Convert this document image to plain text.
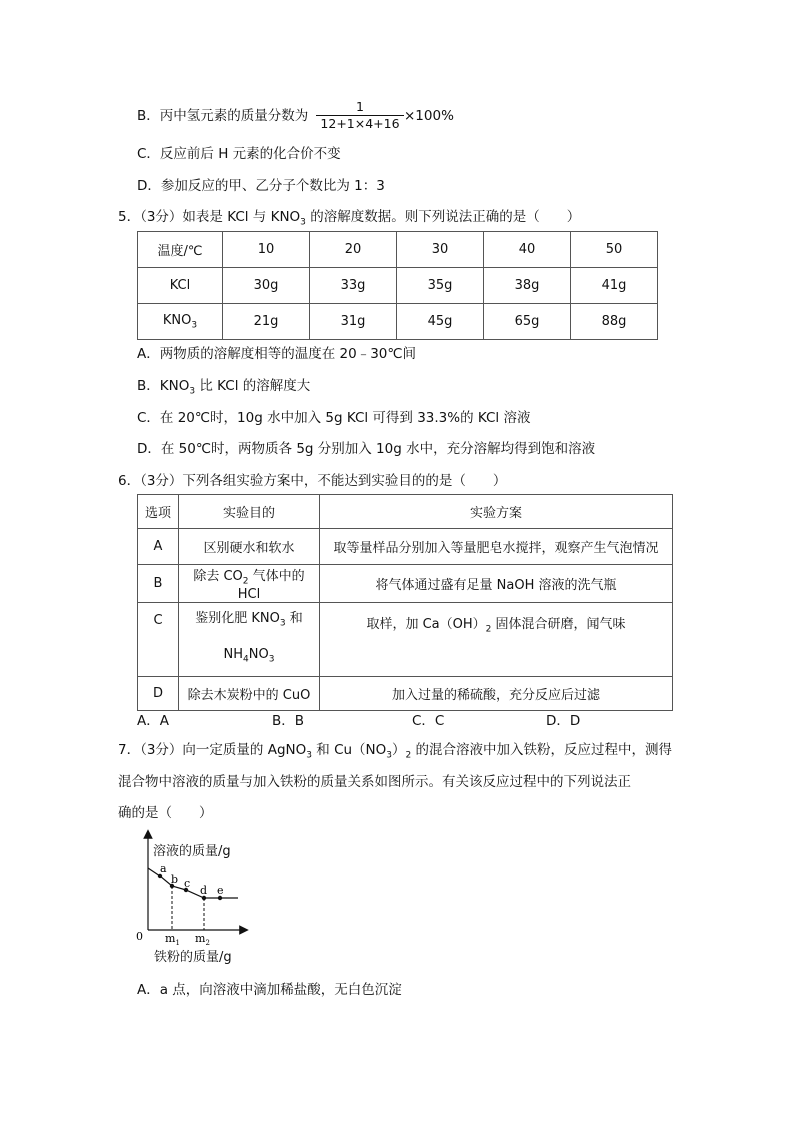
B．丙中氢元素的质量分数为
1
12+1×4+16 ×100%
C．反应前后 H 元素的化合价不变
D．参加反应的甲、乙分子个数比为 1：3
5．（3分）如表是 KCl 与 $KNO_3$ 的溶解度数据。则下列说法正确的是（　　）
温度/℃	10	20	30	40	50
KCl	30g	33g	35g	38g	41g
$KNO_3$	21g	31g	45g	65g	88g
A．两物质的溶解度相等的温度在 20﹣30℃间
B．$KNO_3$ 比 KCl 的溶解度大
C．在 20℃时，10g 水中加入 5g KCl 可得到 33.3%的 KCl 溶液
D．在 50℃时，两物质各 5g 分别加入 10g 水中，充分溶解均得到饱和溶液
6．（3分）下列各组实验方案中，不能达到实验目的的是（　　）
选项	实验目的	实验方案
A	区别硬水和软水	取等量样品分别加入等量肥皂水搅拌，观察产生气泡情况
B	除去 $CO_2$ 气体中的 HCl	将气体通过盛有足量 NaOH 溶液的洗气瓶
C	鉴别化肥 $KNO_3$ 和
$NH_4NO_3$	取样，加 $Ca(OH)_2$ 固体混合研磨，闻气味
D	除去木炭粉中的 CuO	加入过量的稀硫酸，充分反应后过滤
A．A	B．B	C．C	D．D
7．（3分）向一定质量的 AgNO$_3$ 和 $Cu(NO_3)_2$ 的混合溶液中加入铁粉，反应过程中，测得
混合物中溶液的质量与加入铁粉的质量关系如图所示。有关该反应过程中的下列说法正
确的是（　　）
a
b c
d e
0 $m_1$ $m_2$
溶液的质量/g
铁粉的质量/g
A．a 点，向溶液中滴加稀盐酸，无白色沉淀
